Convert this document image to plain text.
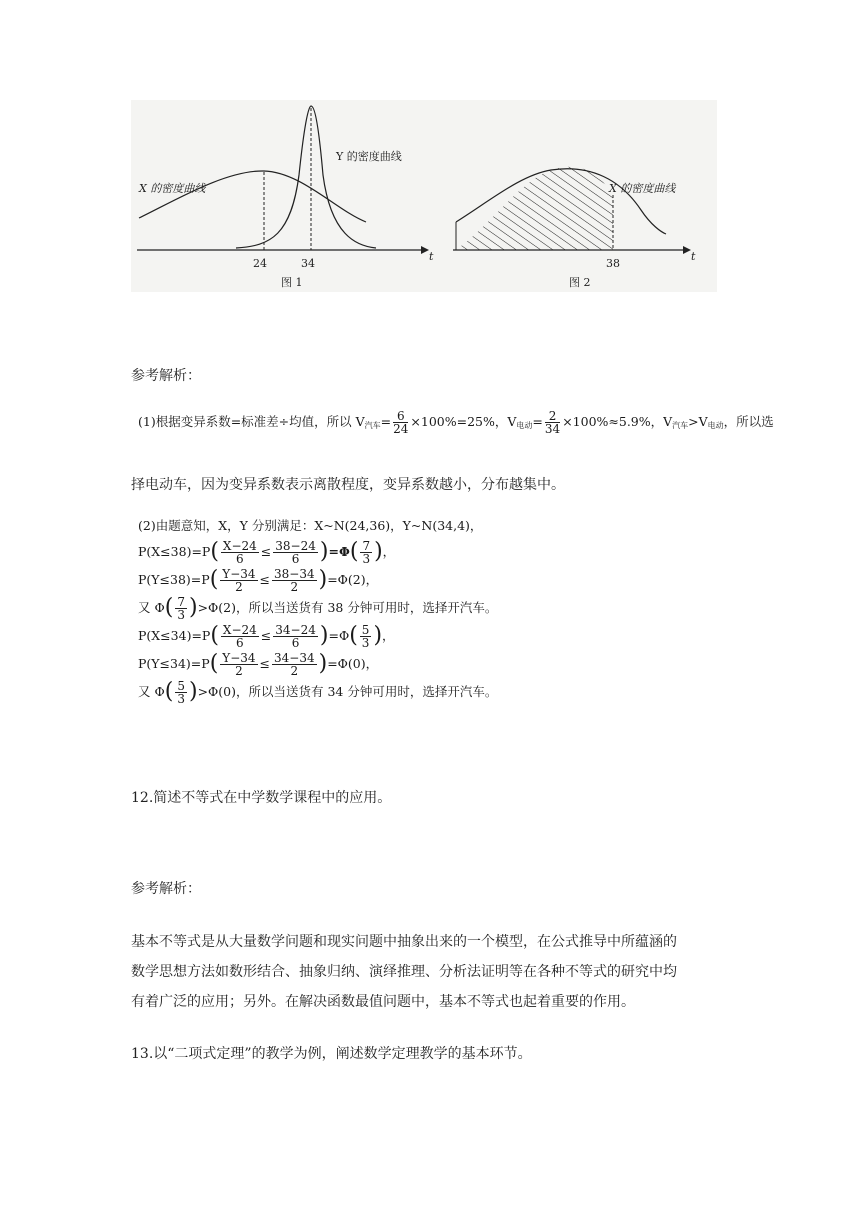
X 的密度曲线
Y 的密度曲线
24	34
t
图 1
X 的密度曲线
38
t
图 2
参考解析：
(1)根据变异系数=标准差÷均值，所以 $V_{汽车}= \frac{6}{24} \times 100\%=25\%$，$V_{电动}= \frac{2}{34} \times 100\%\approx 5.9\%$，$V_{汽车}>V_{电动}$，所以选
择电动车，因为变异系数表示离散程度，变异系数越小，分布越集中。
(2)由题意知，X，Y 分别满足：X~N(24,36)，Y~N(34,4)，
P(X≤38)=P ( $\frac{X-24}{6} \le \frac{38-24}{6}$ ) =Φ ( $\frac{7}{3}$ ) ，
P(Y≤38)=P ( $\frac{Y-34}{2} \le \frac{38-34}{2}$ ) =Φ(2)，
又 Φ ( $\frac{7}{3}$ ) >Φ(2)，所以当送货有 38 分钟可用时，选择开汽车。
P(X≤34)=P ( $\frac{X-24}{6} \le \frac{34-24}{6}$ ) =Φ ( $\frac{5}{3}$ ) ，
P(Y≤34)=P ( $\frac{Y-34}{2} \le \frac{34-34}{2}$ ) =Φ(0)，
又 Φ ( $\frac{5}{3}$ ) >Φ(0)，所以当送货有 34 分钟可用时，选择开汽车。
12.简述不等式在中学数学课程中的应用。
参考解析：
基本不等式是从大量数学问题和现实问题中抽象出来的一个模型，在公式推导中所蕴涵的
数学思想方法如数形结合、抽象归纳、演绎推理、分析法证明等在各种不等式的研究中均
有着广泛的应用；另外。在解决函数最值问题中，基本不等式也起着重要的作用。
13.以“二项式定理”的教学为例，阐述数学定理教学的基本环节。
